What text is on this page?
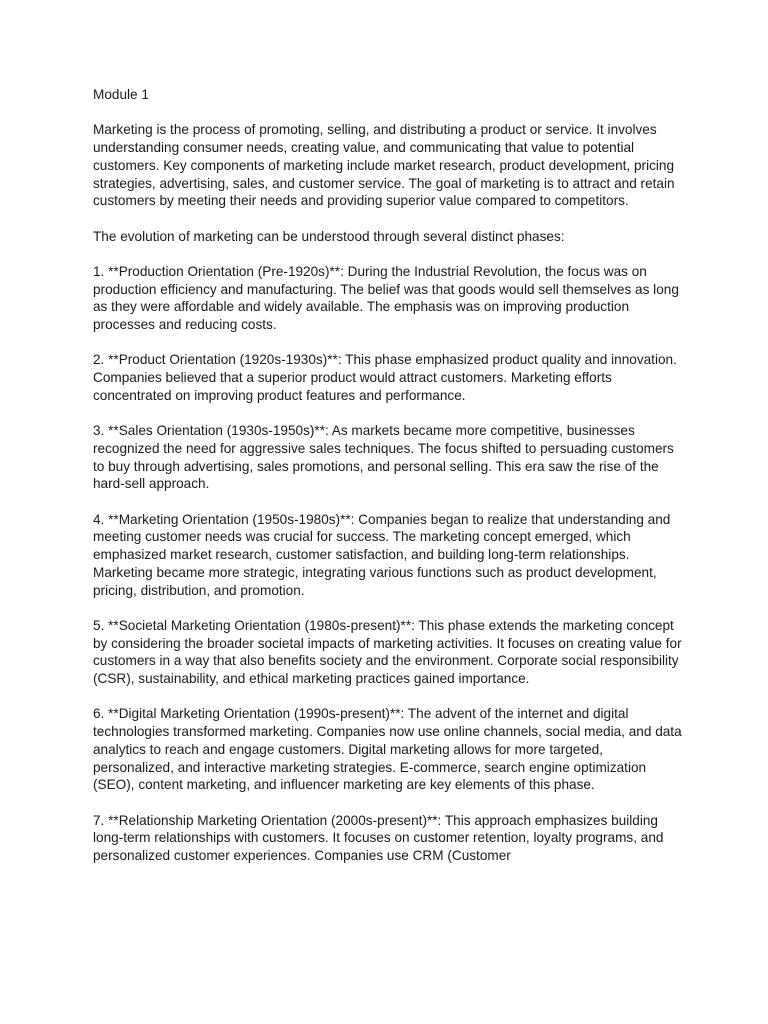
Module 1

Marketing is the process of promoting, selling, and distributing a product or service. It involves understanding consumer needs, creating value, and communicating that value to potential customers. Key components of marketing include market research, product development, pricing strategies, advertising, sales, and customer service. The goal of marketing is to attract and retain customers by meeting their needs and providing superior value compared to competitors.

The evolution of marketing can be understood through several distinct phases:

1. **Production Orientation (Pre-1920s)**: During the Industrial Revolution, the focus was on production efficiency and manufacturing. The belief was that goods would sell themselves as long as they were affordable and widely available. The emphasis was on improving production processes and reducing costs.

2. **Product Orientation (1920s-1930s)**: This phase emphasized product quality and innovation. Companies believed that a superior product would attract customers. Marketing efforts concentrated on improving product features and performance.

3. **Sales Orientation (1930s-1950s)**: As markets became more competitive, businesses recognized the need for aggressive sales techniques. The focus shifted to persuading customers to buy through advertising, sales promotions, and personal selling. This era saw the rise of the hard-sell approach.

4. **Marketing Orientation (1950s-1980s)**: Companies began to realize that understanding and meeting customer needs was crucial for success. The marketing concept emerged, which emphasized market research, customer satisfaction, and building long-term relationships. Marketing became more strategic, integrating various functions such as product development, pricing, distribution, and promotion.

5. **Societal Marketing Orientation (1980s-present)**: This phase extends the marketing concept by considering the broader societal impacts of marketing activities. It focuses on creating value for customers in a way that also benefits society and the environment. Corporate social responsibility (CSR), sustainability, and ethical marketing practices gained importance.

6. **Digital Marketing Orientation (1990s-present)**: The advent of the internet and digital technologies transformed marketing. Companies now use online channels, social media, and data analytics to reach and engage customers. Digital marketing allows for more targeted, personalized, and interactive marketing strategies. E-commerce, search engine optimization (SEO), content marketing, and influencer marketing are key elements of this phase.

7. **Relationship Marketing Orientation (2000s-present)**: This approach emphasizes building long-term relationships with customers. It focuses on customer retention, loyalty programs, and personalized customer experiences. Companies use CRM (Customer
